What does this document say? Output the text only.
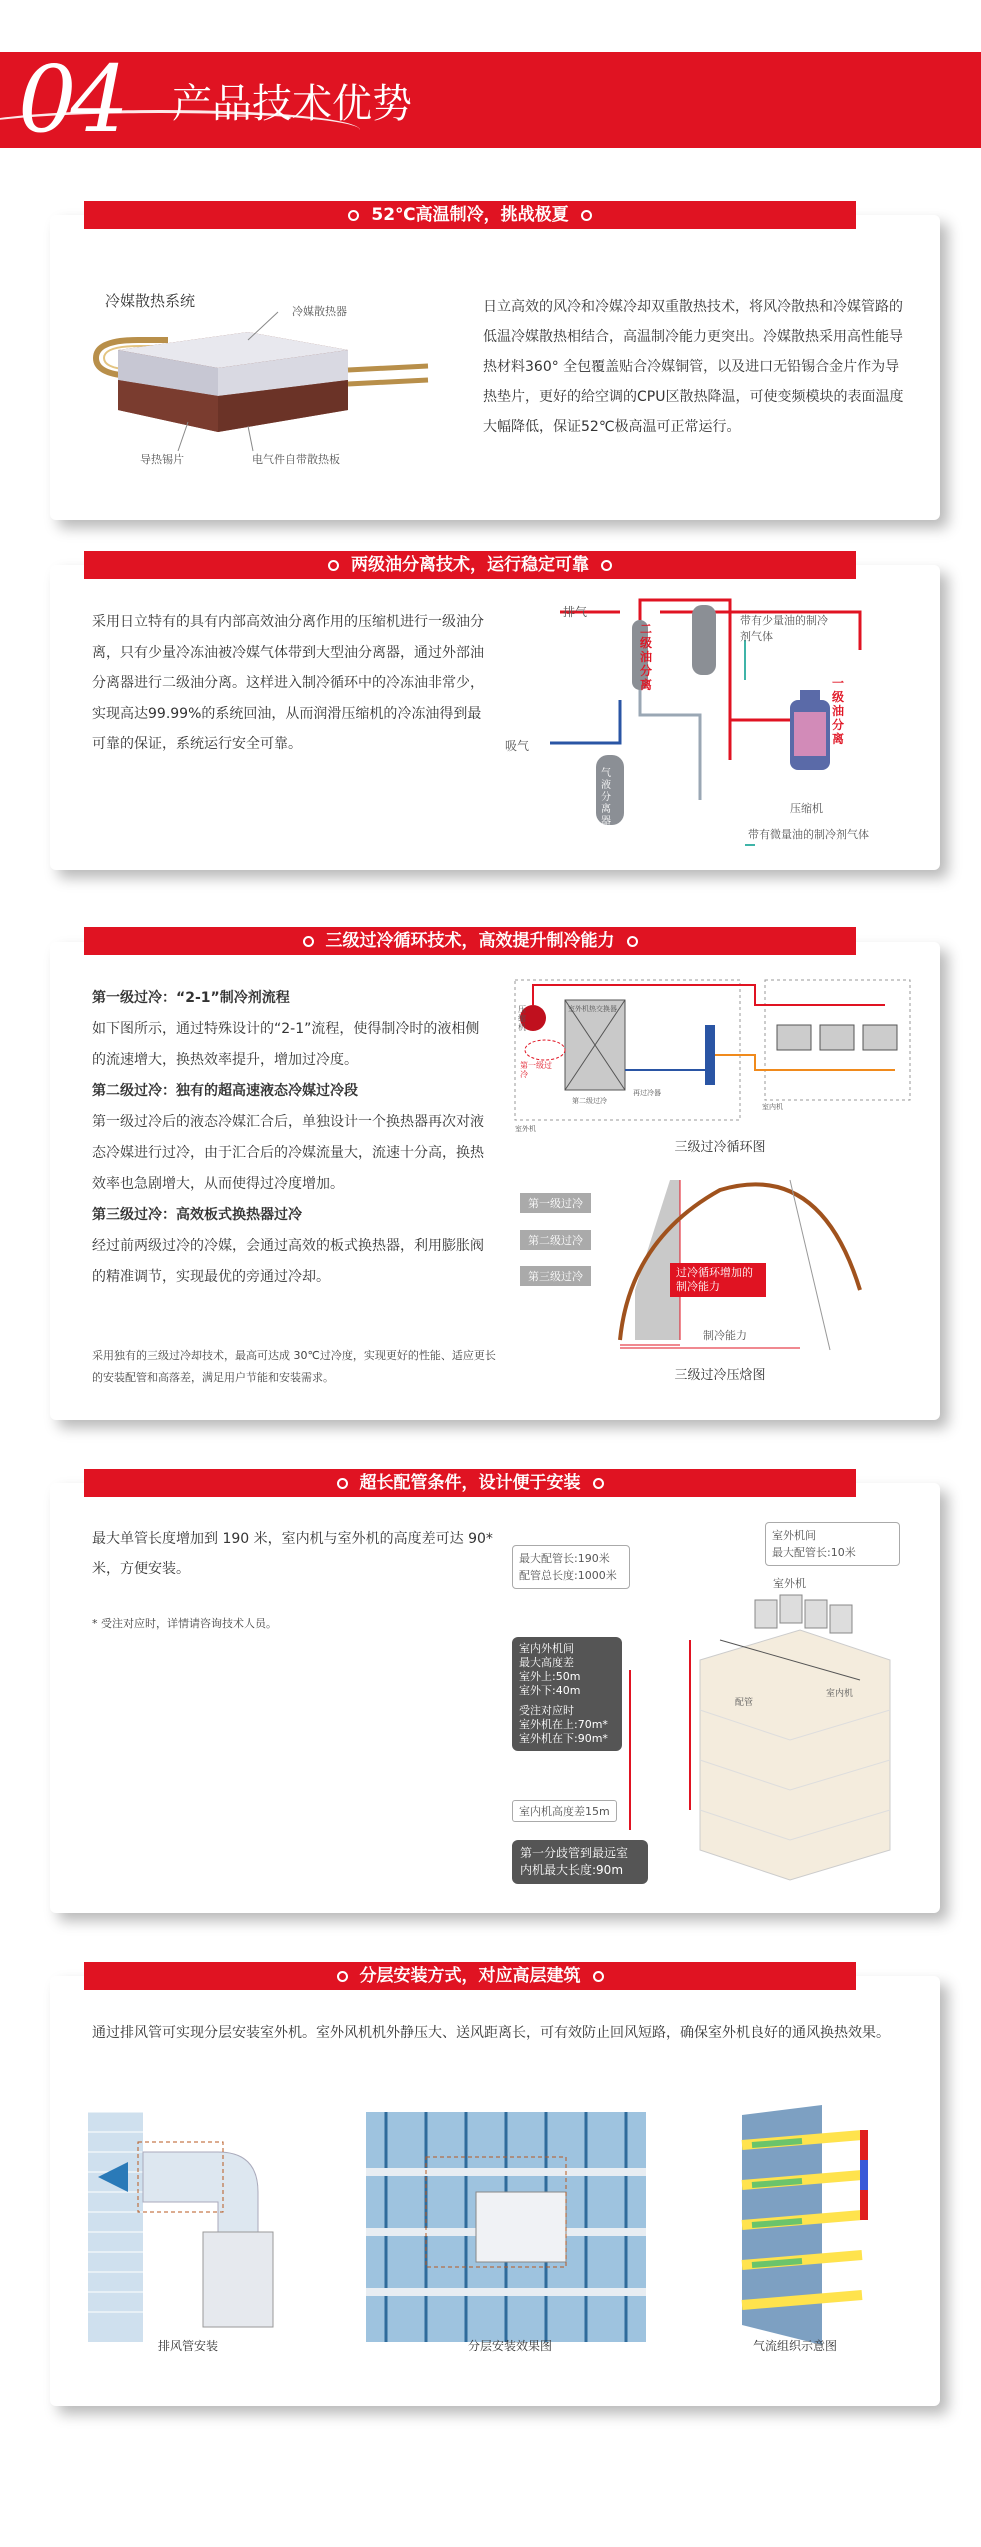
04 产品技术优势
52℃高温制冷，挑战极夏
冷媒散热系统
冷媒散热器
导热锡片	电气件自带散热板
日立高效的风冷和冷媒冷却双重散热技术，将风冷散热和冷媒管路的低温冷媒散热相结合，高温制冷能力更突出。冷媒散热采用高性能导热材料360° 全包覆盖贴合冷媒铜管，以及进口无铅锡合金片作为导热垫片，更好的给空调的CPU区散热降温，可使变频模块的表面温度大幅降低，保证52℃极高温可正常运行。
两级油分离技术，运行稳定可靠
采用日立特有的具有内部高效油分离作用的压缩机进行一级油分离，只有少量冷冻油被冷媒气体带到大型油分离器，通过外部油分离器进行二级油分离。这样进入制冷循环中的冷冻油非常少，实现高达99.99%的系统回油，从而润滑压缩机的冷冻油得到最可靠的保证，系统运行安全可靠。
排气
吸气
二级油分离
油分离器
气液分离器
一级油分离
压缩机
带有少量油的制冷剂气体
带有微量油的制冷剂气体
三级过冷循环技术，高效提升制冷能力

第一级过冷：“2-1”制冷剂流程

如下图所示，通过特殊设计的“2-1”流程，使得制冷时的液相侧的流速增大，换热效率提升，增加过冷度。

第二级过冷：独有的超高速液态冷媒过冷段

第一级过冷后的液态冷媒汇合后，单独设计一个换热器再次对液态冷媒进行过冷，由于汇合后的冷媒流量大，流速十分高，换热效率也急剧增大，从而使得过冷度增加。

第三级过冷：高效板式换热器过冷

经过前两级过冷的冷媒，会通过高效的板式换热器，利用膨胀阀的精准调节，实现最优的旁通过冷却。

采用独有的三级过冷却技术，最高可达成 30℃过冷度，实现更好的性能、适应更长的安装配管和高落差，满足用户节能和安装需求。
室外机热交换器
压缩机
第一级过冷
第二级过冷
再过冷器
室外机
室内机
三级过冷循环图
第一级过冷
第二级过冷
第三级过冷	过冷循环增加的制冷能力
制冷能力
三级过冷压焓图
超长配管条件，设计便于安装
最大单管长度增加到 190 米，室内机与室外机的高度差可达 90* 米，方便安装。
* 受注对应时，详情请咨询技术人员。
最大配管长:190米
配管总长度:1000米
室外机间
最大配管长:10米
室外机
室内机
配管
室内外机间
最大高度差
室外上:50m
室外下:40m
受注对应时
室外机在上:70m*
室外机在下:90m*
室内机高度差15m
第一分歧管到最远室
内机最大长度:90m
分层安装方式，对应高层建筑
通过排风管可实现分层安装室外机。室外风机机外静压大、送风距离长，可有效防止回风短路，确保室外机良好的通风换热效果。
排风管安装	分层安装效果图	气流组织示意图
